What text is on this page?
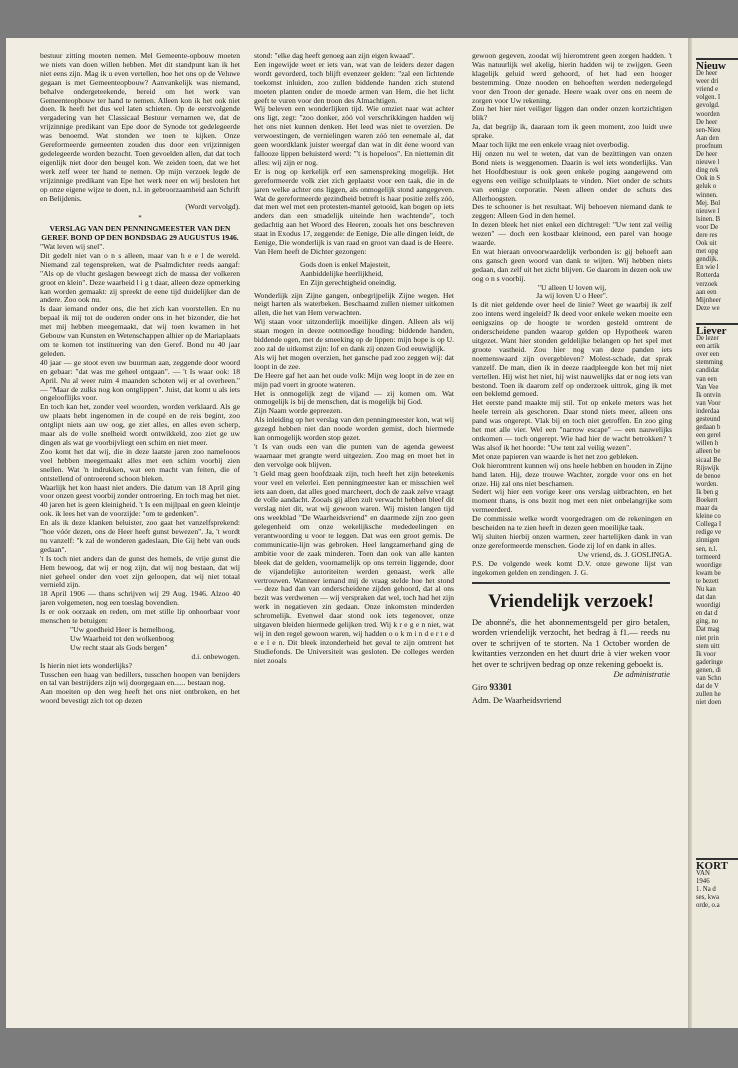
bestuur zitting moeten nemen. Mel Gemeente-opbouw moeten we niets van doen willen hebben. Met dit standpunt kan ik het niet eens zijn. Mag ik u even vertellen, hoe het ons op de Veluwe gegaan is met Gemeenteopbouw? Aanvankelijk was niemand, behalve ondergeteekende, bereid om het werk van Gemeenteopbouw ter hand te nemen. Alleen kon ik het ook niet doen. Ik heeft het dus wel laten schieten. Op de eerstvolgende vergadering van het Classicaal Bestuur vernamen we, dat de vrijzinnige predikant van Epe door de Synode tot gedelegeerde was benoemd. Wat stonden we toen te kijken. Onze Gereformeerde gemeenten zouden dus door een vrijzinnigen gedelegeerde worden bezocht. Toen gevoelden allen, dat dat toch eigenlijk niet door den beugel kon. We zeiden toen, dat we het werk zelf weer ter hand te nemen. Op mijn verzoek legde de vrijzinnige predikant van Epe het werk neer en wij besloten het op onze eigene wijze te doen, n.l. in gebroorzaamheid aan Schrift en Belijdenis.

(Wordt vervolgd).

*

VERSLAG VAN DEN PENNINGMEESTER VAN DEN GEREF. BOND OP DEN BONDSDAG 29 AUGUSTUS 1946.

"Wat leven wij snel".

Dit gedelt niet van o n s alleen, maar van h e e l de wereld. Niemand zal tegenspreken, wat de Psalmdichter reeds aangaf: "Als op de vlucht geslagen beweegt zich de massa der volkeren groot en klein". Deze waarheid l i g t daar, alleen deze opmerking kan worden gemaakt: zij spreekt de eene tijd duidelijker dan de andere. Zoo ook nu.

Is daar iemand onder ons, die het zich kan voorstellen. En nu bepaal ik mij tot de ouderen onder ons in het bizonder, die het met mij hebben meegemaakt, dat wij toen kwamen in het Gebouw van Kunsten en Wetenschappen alhier op de Mariaplaats om te komen tot instituering van den Geref. Bond nu 40 jaar geleden.

40 jaar — ge stoot even uw buurman aan, zeggende door woord en gebaar: "dat was me geheel ontgaan". — 't Is waar ook: 18 April. Nu al weer ruim 4 maanden schoten wij er al overheen." — "Maar de zulks nog kon ontglippen". Juist, dat komt u als iets ongelooflijks voor.

En toch kan het, zonder veel woorden, worden verklaard. Als ge uw plaats hebt ingenomen in de coupé en de reis begint, zoo ontglipt niets aan uw oog, ge ziet alles, en alles even scherp, maar als de volle snelheid wordt ontwikkeld, zoo ziet ge uw dingen als wat ge voorbijvliegt een schim en niet meer.

Zoo komt het dat wij, die in deze laatste jaren zoo namelooos veel hebben meegemaakt alles met een schim voorbij zien snellen. Wat 'n indrukken, wat een macht van feiten, die of ontstellend of ontroerend schoon bleken.

Waarlijk het kon haast niet anders. Die datum van 18 April ging voor onzen geest voorbij zonder ontroering. En toch mag het niet. 40 jaren het is geen kleinigheid. 't Is een mijlpaal en geen kleintje ook. ik lees het van de voorzijde: "om te gedenken".

En als ik deze klanken beluister, zoo gaat het vanzelfsprekend: "hoe vóór dezen, ons de Heer heeft gunst bewezen". Ja, 't wordt nu vanzelf: "k zal de wonderen gadeslaan, Die Gij hebt van ouds gedaan".

't Is toch niet anders dan de gunst des hemels, de vrije gunst die Hem bewoog, dat wij er nog zijn, dat wij nog bestaan, dat wij niet geheel onder den voet zijn geloopen, dat wij niet totaal vernield zijn.

18 April 1906 — thans schrijven wij 29 Aug. 1946. Alzoo 40 jaren volgemeten, nog een toeslag bovendien.

Is er ook oorzaak en reden, om met stille lip onhoorbaar voor menschen te betuigen:

"Uw goedheid Heer is hemelhoog,

Uw Waarheid tot den wolkenboog

Uw recht staat als Gods bergen"

d.i. onbewogen.

Is hierin niet iets wonderlijks?

Tusschen een haag van bedillers, tusschen hoopen van benijders en tal van bestrijders zijn wij doorgegaan en...... bestaan nog.

Aan moeiten op den weg heeft het ons niet ontbroken, en het woord bevestigt zich tot op dezen

stond: "elke dag heeft genoeg aan zijn eigen kwaad".

Een ingewijde weet er iets van, wat van de leiders dezer dagen wordt gevorderd, toch blijft evenzeer gelden: "zal een lichtende toekomst inluiden, zoo zullen biddende handen zich stutend moeten planten onder de moede armen van Hem, die het licht geeft te vuren voor den troon des Almachtigen.

Wij beleven een wonderlijken tijd. Wie omziet naar wat achter ons ligt, zegt: "zoo donker, zóó vol verschrikkingen hadden wij het ons niet kunnen denken. Het leed was niet te overzien. De verwoestingen, de vernielingen waren zóó ten eenemale al, dat geen woordklank juister weergaf dan wat in dit éene woord van fallooze lippen beluisterd werd: "'t is hopeloos". En niettemin dit alles: wij zijn er nog.

Er is nog op kerkelijk erf een samenspreking mogelijk. Het gereformeerde volk ziet zich geplaatst voor een taak, die in de jaren welke achter ons liggen, als onmogelijk stond aangegeven. Wat de gereformeerde gezindheid betreft is haar positie zelfs zóó, dat men wel met een protesten-mantel getooid, kan bogen op iets anders dan een smadelijk uiteinde hen wachtende", toch gedachtig aan het Woord des Heeren, zooals het ons beschreven staat in Exodus 17, zeggende: de Eenige, Die alle dingen leidt, de Eenige, Die wonderlijk is van raad en groot van daad is de Heere.

Van Hem heeft de Dichter gezongen:

Gods doen is enkel Majesteit,

Aanbiddelijke heerlijkheid,

En Zijn gerechtigheid oneindig.

Wonderlijk zijn Zijne gangen, onbegrijpelijk Zijne wegen. Het neigt harten als waterbeken. Beschaamd zullen niemer uitkomen allen, die het van Hem verwachten.

Wij staan voor uitzonderlijk moeilijke dingen. Alleen als wij staan mogen in deeze ootmoedige houding: biddende handen, biddende ogen, met de smeeking op de lippen: mijn hope is op U. zoo zal de uitkomst zijn: lof en dank zij onzen God eeuwiglijk.

Als wij het mogen overzien, het gansche pad zoo zeggen wij: dat loopt in de zee.

De Heere gaf het aan het oude volk: Mijn weg loopt in de zee en mijn pad voert in groote wateren.

Het is onmogelijk zegt de vijand — zij komen om. Wat onmogelijk is bij de menschen, dat is mogelijk bij God.

Zijn Naam worde gepreezen.

Als inleiding op het verslag van den penningmeester kon, wat wij gezegd hebben niet dan noode worden gemist, doch hiermede kan onmogelijk worden stop gezet.

't Is van ouds een van die punten van de agenda geweest waarnaar met grangte werd uitgezien. Zoo mag en moet het in den vervolge ook blijven.

't Geld mag geen hoofdzaak zijn, toch heeft het zijn beteekenis voor veel en velerlei. Een penningmeester kan er misschien wel iets aan doen, dat alles goed marcheert, doch de zaak zelve vraagt de volle aandacht. Zooals gij allen zult verwacht hebben bleef dit verslag niet dit, wat wij gewoon waren. Wij misten langen tijd ons weekblad "De Waarheidsvriend" en daarmede zijn zoo geen gelegenheid om onze wekelijksche mededeelingen en verantwoording u voor te leggen. Dat was een groot gemis. De communicatie-lijn was gebroken. Heel langzamerhand ging de ambitie voor de zaak minderen. Toen dan ook van alle kanten bleek dat de gelden, voornamelijk op ons terrein liggende, door de vijandelijke autoriteiten werden genaast, werk alle vertrouwen. Wanneer iemand mij de vraag stelde hoe het stond — deze had dan van onderscheidene zijden gehoord, dat al ons bezit was verdwenen — wij verspraken dat wel, toch had het zijn werk in negatieven zin gedaan. Onze inkomsten minderden schromelijk. Evenwel daar stond ook iets tegenover, onze uitgaven bleiden hiermede gelijken tred. Wij k r e g e n niet, wat wij in den regel gewoon waren, wij hadden o o k m i n d e r t e d e e l e n. Dit bleek inzonderheid het geval te zijn omtrent het Studiefonds. De Universiteit was gesloten. De colleges werden niet zooals

gewoon gegeven, zoodat wij hieromtrent geen zorgen hadden. 't Was natuurlijk wel akelig, hierin hadden wij te zwijgen. Geen klagelijk geluid werd gehoord, of het had een hooger bestemming. Onze nooden en behoeften werden nedergelegd voor den Troon der genade. Heere waak over ons en neem de zorgen voor Uw rekening.

Zou het hier niet veiliger liggen dan onder onzen kortzichtigen blik?

Ja, dat begrijp ik, daaraan torn ik geen moment, zoo luidt uwe sprake.

Maar toch lijkt me een enkele vraag niet overbodig.

Hij onzen nu wel te weten, dat van de bezittingen van onzen Bond niets is weggenomen. Daarin is wel iets wonderlijks. Van het Hoofdbestuur is ook geen enkele poging aangewend om egyens een veilige schuilplaats te vinden. Niet onder de schuts van eenige corporatie. Neen alleen onder de schuts des Allerhoogsten.

Des te schooner is het resultaat. Wij behoeven niemand dank te zeggen: Alleen God in den hemel.

In dezen bleek het niet enkel een dichtregel: "Uw tent zal veilig wezen" — doch een kostbaar kleinood, een parel van hooge waarde.

En wat hieraan onvoorwaardelijk verbonden is: gij behoeft aan ons gansch geen woord van dank te wijten. Wij hebben niets gedaan, dan zelf uit het zicht blijven. Ge daarom in dezen ook uw oog o n s voorbij.

"U alleen U loven wij,

Ja wij loven U o Heer".

Is dit niet geldende over heel de linie? Weet ge waarbij ik zelf zoo intens werd ingeleid? Ik deed voor enkele weken moeite een eenigszins op de hoogte te worden gesteld omtrent de onderscheidene panden waarop gelden op Hypotheek waren uitgezet. Want hier stonden geldelijke belangen op het spel met groote vastheid. Zou hier nog van deze panden iets noemenswaard zijn overgebleven? Molest-schade, dat sprak vanzelf. De man, dien ik in deeze raadpleegde kon het mij niet vertellen. Hij wist het niet, hij wist nauwelijks dat er nog iets van bestond. Toen ik daarom zelf op onderzoek uittrok, ging ik met een beklemd gemoed.

Het eerste pand maakte mij stil. Tot op enkele meters was het heele terrein als geschoren. Daar stond niets meer, alleen ons pand was ongerept. Vlak bij en toch niet getroffen. En zoo ging het met alle vier. Wel een "narrow escape" — een nauwelijks ontkomen — toch ongerept. Wie had hier de wacht betrokken? 't Was alsof ik het hoorde: "Uw tent zal veilig wezen".

Met onze papieren van waarde is het net zoo gebleken.

Ook hieromtrent kunnen wij ons heele hebben en houden in Zijne hand laten. Hij, deze trouwe Wachter, zorgde voor ons en het onze. Hij zal ons niet beschamen.

Sedert wij hier een vorige keer ons verslag uitbrachten, en het moment thans, is ons bezit nog met een niet onbelangrijke som vermeerderd.

De commissie welke wordt voorgedragen om de rekeningen en bescheiden na te zien heeft in dezen geen moeilijke taak.

Wij sluiten hierbij onzen warmen, zeer hartelijken dank in van onze gereformeerde menschen. Gode zij lof en dank in alles.

Uw vriend, ds. J. GOSLINGA.

P.S. De volgende week komt D.V. onze gewone lijst van ingekomen gelden en zendingen. J. G.

Vriendelijk verzoek!
De abonné's, die het abonnementsgeld per giro betalen, worden vriendelijk verzocht, het bedrag à f1.— reeds nu over te schrijven of te storten. Na 1 October worden de kwitanties verzonden en het duurt drie à vier weken voor het over te schrijven bedrag op onze rekening geboekt is.
De administratie
Giro 93301
Adm. De Waarheidsvriend
Nieuw

De heer

weer dri

vriend e

volgen. I

gevolgd.

woorden

De heer

sen-Nieu

Aan den

proefnum

De heer

nieuwe l

ding rek

Ook in S

geluk o

winnen.

Mej. Bol

nieuwe l

lsinen. B

voor De

dere res

Ook uit

met opg

gendijk.

En wie l

Rotterda

verzoek

aan een

Mijnheer

Deze we

Liever

De lezer

een artik

over een

stemming

candidat

van een

Van Vee

Ik ontvin

van Voor

inderdaa

gesteund

gedaan b

een gerel

willen h

alleen be

sicaal Be

Rijswijk

de benoe

worden.

Ik ben g

Boekert

maar da

kleine co

Collega I

redige ve

zinnigen

sen, n.l.

tormeerd

woordige

kwam be

te bezett

Nu kan

dat dan

woordigi

en dat d

ging, no

Dat mag

niet prin

stem uitt

Ik voor

gaderinge

genen, di

van Schn

dat de V

zullen he

niet doen

KORT

VAN

1946

1. Na d

ses, kwa

orde, o.a
